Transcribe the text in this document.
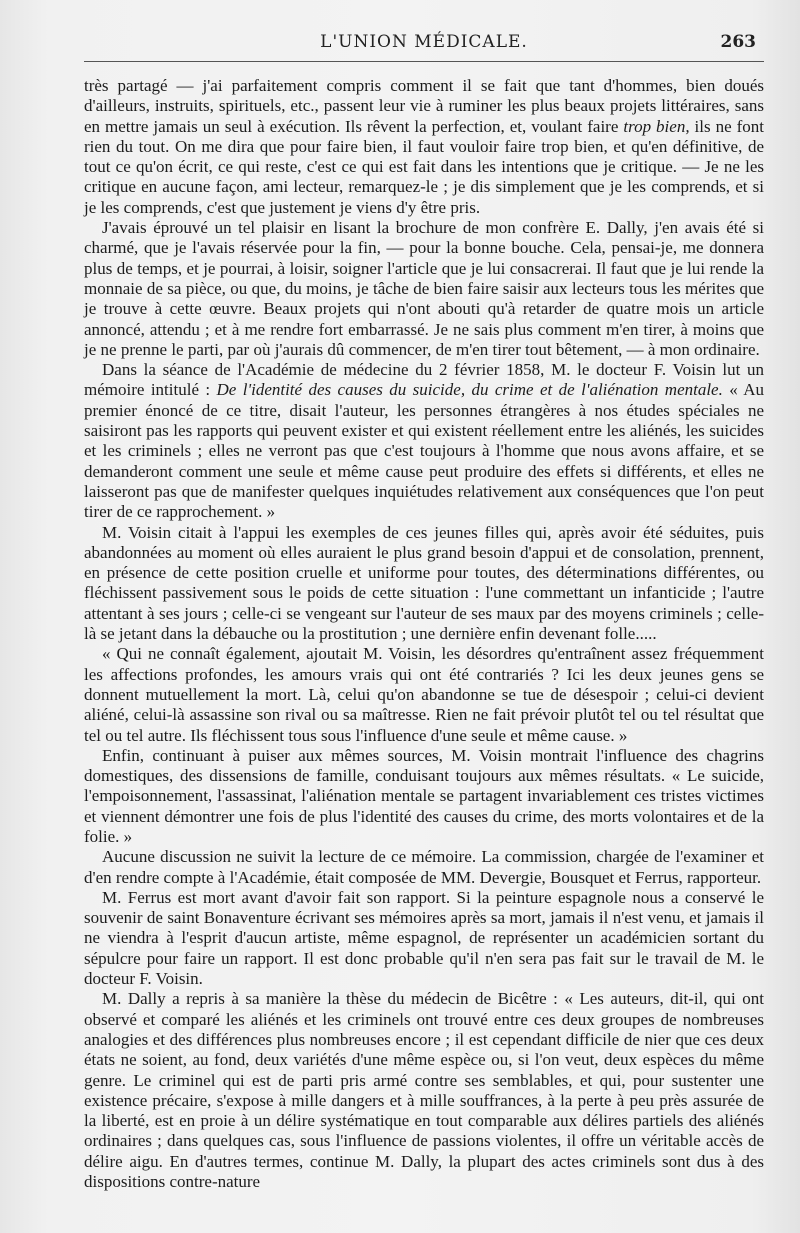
L'UNION MÉDICALE.	263

très partagé — j'ai parfaitement compris comment il se fait que tant d'hommes, bien doués d'ailleurs, instruits, spirituels, etc., passent leur vie à ruminer les plus beaux projets littéraires, sans en mettre jamais un seul à exécution. Ils rêvent la perfection, et, voulant faire trop bien, ils ne font rien du tout. On me dira que pour faire bien, il faut vouloir faire trop bien, et qu'en définitive, de tout ce qu'on écrit, ce qui reste, c'est ce qui est fait dans les intentions que je critique. — Je ne les critique en aucune façon, ami lecteur, remarquez-le ; je dis simplement que je les comprends, et si je les comprends, c'est que justement je viens d'y être pris.

J'avais éprouvé un tel plaisir en lisant la brochure de mon confrère E. Dally, j'en avais été si charmé, que je l'avais réservée pour la fin, — pour la bonne bouche. Cela, pensai-je, me donnera plus de temps, et je pourrai, à loisir, soigner l'article que je lui consacrerai. Il faut que je lui rende la monnaie de sa pièce, ou que, du moins, je tâche de bien faire saisir aux lecteurs tous les mérites que je trouve à cette œuvre. Beaux projets qui n'ont abouti qu'à retarder de quatre mois un article annoncé, attendu ; et à me rendre fort embarrassé. Je ne sais plus comment m'en tirer, à moins que je ne prenne le parti, par où j'aurais dû commencer, de m'en tirer tout bêtement, — à mon ordinaire.

Dans la séance de l'Académie de médecine du 2 février 1858, M. le docteur F. Voisin lut un mémoire intitulé : De l'identité des causes du suicide, du crime et de l'aliénation mentale. « Au premier énoncé de ce titre, disait l'auteur, les personnes étrangères à nos études spéciales ne saisiront pas les rapports qui peuvent exister et qui existent réellement entre les aliénés, les suicides et les criminels ; elles ne verront pas que c'est toujours à l'homme que nous avons affaire, et se demanderont comment une seule et même cause peut produire des effets si différents, et elles ne laisseront pas que de manifester quelques inquiétudes relativement aux conséquences que l'on peut tirer de ce rapprochement. »

M. Voisin citait à l'appui les exemples de ces jeunes filles qui, après avoir été séduites, puis abandonnées au moment où elles auraient le plus grand besoin d'appui et de consolation, prennent, en présence de cette position cruelle et uniforme pour toutes, des déterminations différentes, ou fléchissent passivement sous le poids de cette situation : l'une commettant un infanticide ; l'autre attentant à ses jours ; celle-ci se vengeant sur l'auteur de ses maux par des moyens criminels ; celle-là se jetant dans la débauche ou la prostitution ; une dernière enfin devenant folle.....

« Qui ne connaît également, ajoutait M. Voisin, les désordres qu'entraînent assez fréquemment les affections profondes, les amours vrais qui ont été contrariés ? Ici les deux jeunes gens se donnent mutuellement la mort. Là, celui qu'on abandonne se tue de désespoir ; celui-ci devient aliéné, celui-là assassine son rival ou sa maîtresse. Rien ne fait prévoir plutôt tel ou tel résultat que tel ou tel autre. Ils fléchissent tous sous l'influence d'une seule et même cause. »

Enfin, continuant à puiser aux mêmes sources, M. Voisin montrait l'influence des chagrins domestiques, des dissensions de famille, conduisant toujours aux mêmes résultats. « Le suicide, l'empoisonnement, l'assassinat, l'aliénation mentale se partagent invariablement ces tristes victimes et viennent démontrer une fois de plus l'identité des causes du crime, des morts volontaires et de la folie. »

Aucune discussion ne suivit la lecture de ce mémoire. La commission, chargée de l'examiner et d'en rendre compte à l'Académie, était composée de MM. Devergie, Bousquet et Ferrus, rapporteur.

M. Ferrus est mort avant d'avoir fait son rapport. Si la peinture espagnole nous a conservé le souvenir de saint Bonaventure écrivant ses mémoires après sa mort, jamais il n'est venu, et jamais il ne viendra à l'esprit d'aucun artiste, même espagnol, de représenter un académicien sortant du sépulcre pour faire un rapport. Il est donc probable qu'il n'en sera pas fait sur le travail de M. le docteur F. Voisin.

M. Dally a repris à sa manière la thèse du médecin de Bicêtre : « Les auteurs, dit-il, qui ont observé et comparé les aliénés et les criminels ont trouvé entre ces deux groupes de nombreuses analogies et des différences plus nombreuses encore ; il est cependant difficile de nier que ces deux états ne soient, au fond, deux variétés d'une même espèce ou, si l'on veut, deux espèces du même genre. Le criminel qui est de parti pris armé contre ses semblables, et qui, pour sustenter une existence précaire, s'expose à mille dangers et à mille souffrances, à la perte à peu près assurée de la liberté, est en proie à un délire systématique en tout comparable aux délires partiels des aliénés ordinaires ; dans quelques cas, sous l'influence de passions violentes, il offre un véritable accès de délire aigu. En d'autres termes, continue M. Dally, la plupart des actes criminels sont dus à des dispositions contre-nature
